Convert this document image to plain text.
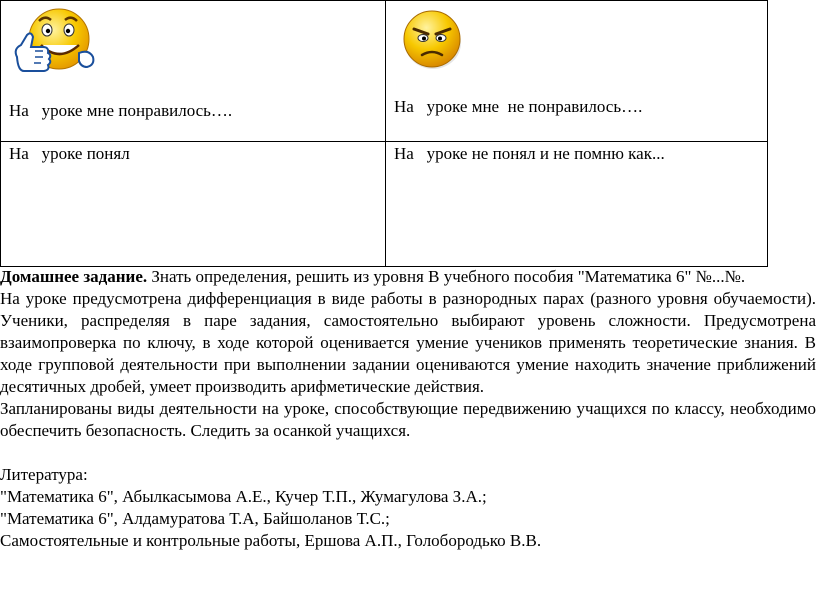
На   уроке мне понравилось….	На   уроке мне  не понравилось….

На   уроке понял	На   уроке не понял и не помню как...

Домашнее задание. Знать определения, решить из уровня В учебного пособия "Математика 6" №...№.

На уроке предусмотрена дифференциация в виде работы в разнородных парах (разного уровня обучаемости). Ученики, распределяя в паре задания, самостоятельно выбирают уровень сложности. Предусмотрена взаимопроверка по ключу, в ходе которой оценивается умение учеников применять теоретические знания. В ходе групповой деятельности при выполнении задании оцениваются умение находить значение приближений десятичных дробей, умеет производить арифметические действия.

Запланированы виды деятельности на уроке, способствующие передвижению учащихся по классу, необходимо обеспечить безопасность. Следить за осанкой учащихся.

Литература:

"Математика 6", Абылкасымова А.Е., Кучер Т.П., Жумагулова З.А.;

"Математика 6", Алдамуратова Т.А, Байшоланов Т.С.;

Самостоятельные и контрольные работы, Ершова А.П., Голобородько В.В.
